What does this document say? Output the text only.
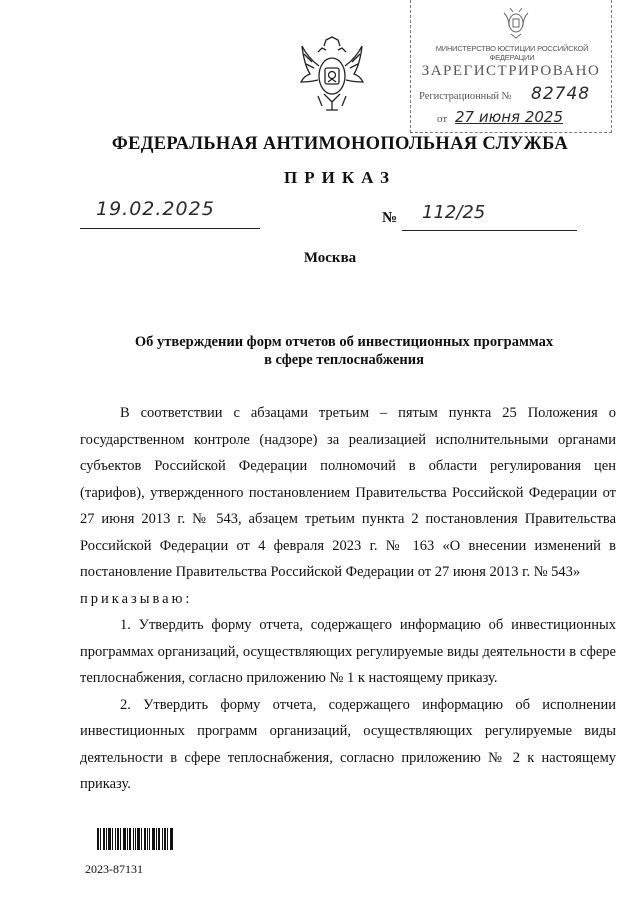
МИНИСТЕРСТВО ЮСТИЦИИ РОССИЙСКОЙ ФЕДЕРАЦИИ
ЗАРЕГИСТРИРОВАНО
Регистрационный № 82748
от 27 июня 2025
ФЕДЕРАЛЬНАЯ АНТИМОНОПОЛЬНАЯ СЛУЖБА
ПРИКАЗ
19.02.2025	№ 112/25
Москва
Об утверждении форм отчетов об инвестиционных программах
в сфере теплоснабжения

В соответствии с абзацами третьим – пятым пункта 25 Положения о государственном контроле (надзоре) за реализацией исполнительными органами субъектов Российской Федерации полномочий в области регулирования цен (тарифов), утвержденного постановлением Правительства Российской Федерации от 27 июня 2013 г. № 543, абзацем третьим пункта 2 постановления Правительства Российской Федерации от 4 февраля 2023 г. № 163 «О внесении изменений в постановление Правительства Российской Федерации от 27 июня 2013 г. № 543»

приказываю:

1. Утвердить форму отчета, содержащего информацию об инвестиционных программах организаций, осуществляющих регулируемые виды деятельности в сфере теплоснабжения, согласно приложению № 1 к настоящему приказу.

2. Утвердить форму отчета, содержащего информацию об исполнении инвестиционных программ организаций, осуществляющих регулируемые виды деятельности в сфере теплоснабжения, согласно приложению № 2 к настоящему приказу.

2023-87131
